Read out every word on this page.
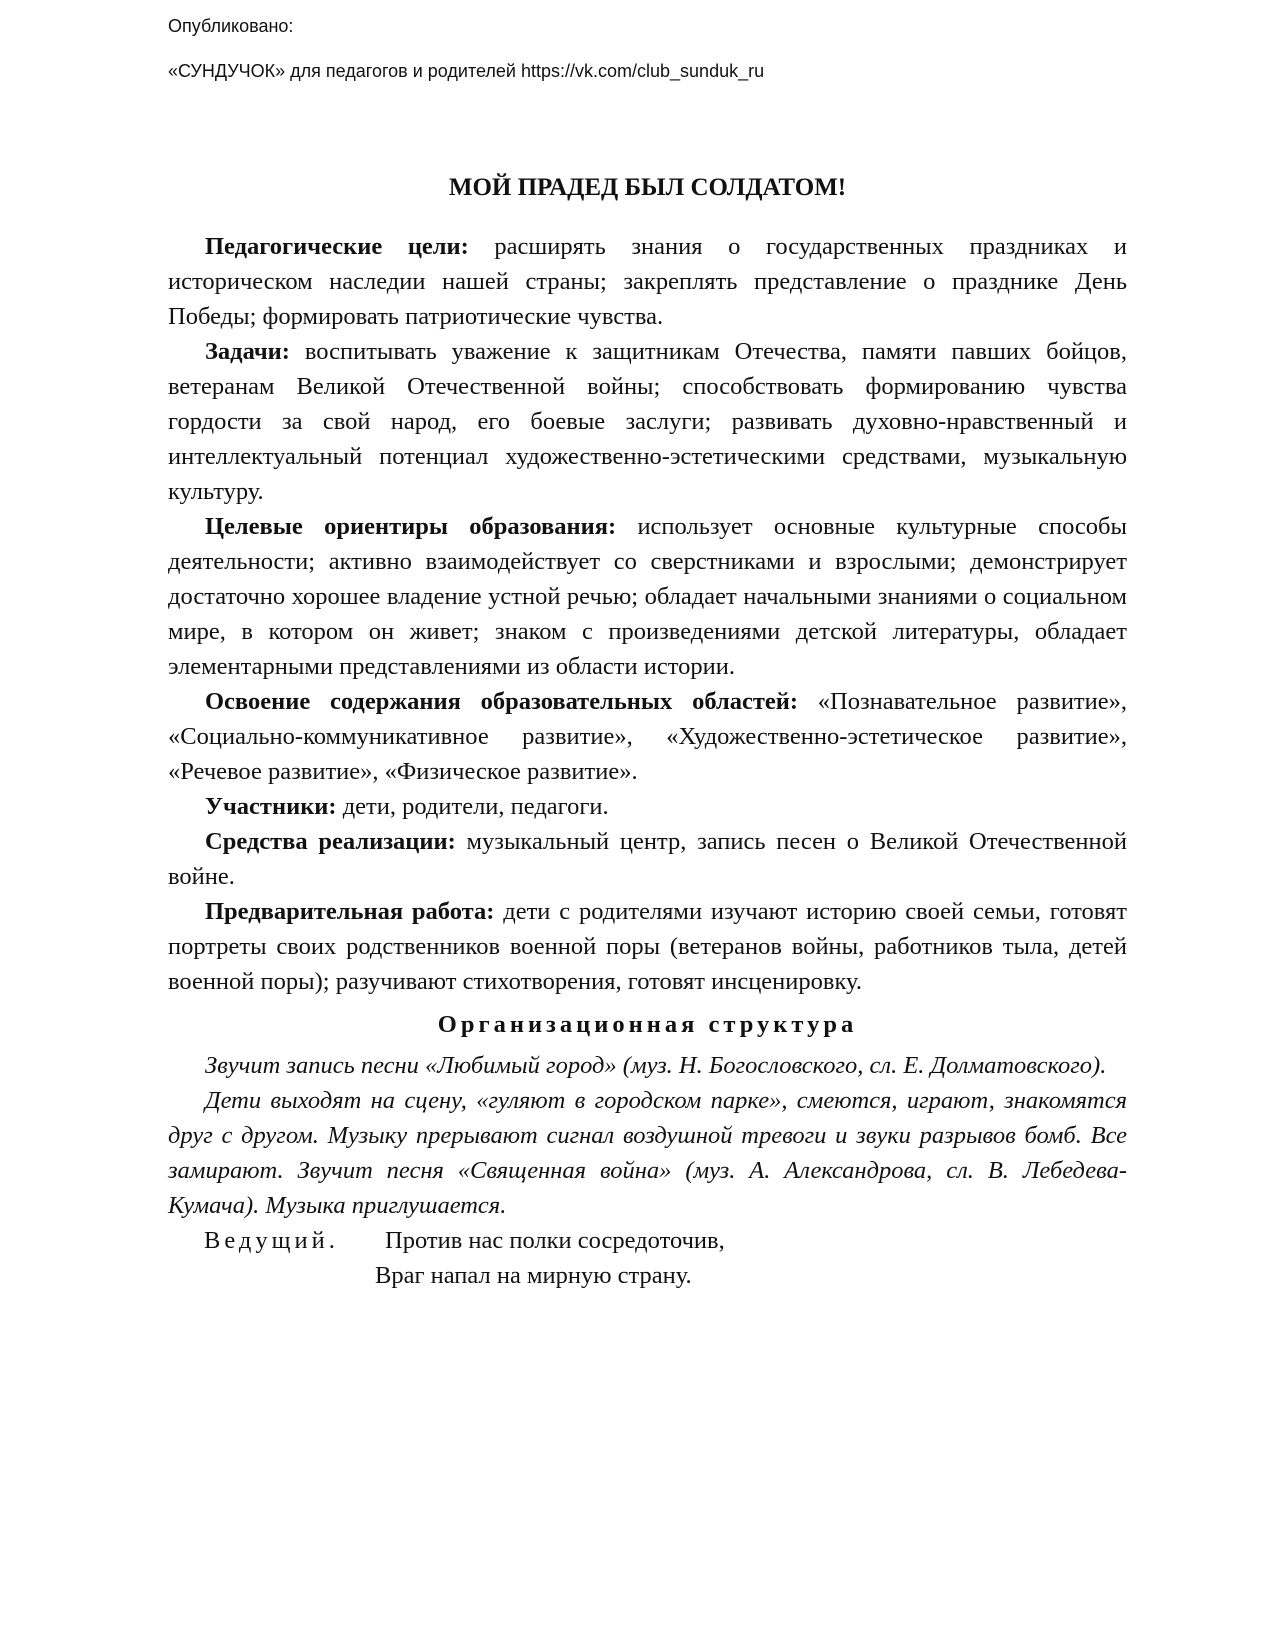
Опубликовано:
«СУНДУЧОК» для педагогов и родителей https://vk.com/club_sunduk_ru
МОЙ ПРАДЕД БЫЛ СОЛДАТОМ!

Педагогические цели: расширять знания о государственных праздниках и историческом наследии нашей страны; закреплять представление о празднике День Победы; формировать патриотические чувства.

Задачи: воспитывать уважение к защитникам Отечества, памяти павших бойцов, ветеранам Великой Отечественной войны; способствовать формированию чувства гордости за свой народ, его боевые заслуги; развивать духовно-нравственный и интеллектуальный потенциал художественно-эстетическими средствами, музыкальную культуру.

Целевые ориентиры образования: использует основные культурные способы деятельности; активно взаимодействует со сверстниками и взрослыми; демонстрирует достаточно хорошее владение устной речью; обладает начальными знаниями о социальном мире, в котором он живет; знаком с произведениями детской литературы, обладает элементарными представлениями из области истории.

Освоение содержания образовательных областей: «Познавательное развитие», «Социально-коммуникативное развитие», «Художественно-эстетическое развитие», «Речевое развитие», «Физическое развитие».

Участники: дети, родители, педагоги.

Средства реализации: музыкальный центр, запись песен о Великой Отечественной войне.

Предварительная работа: дети с родителями изучают историю своей семьи, готовят портреты своих родственников военной поры (ветеранов войны, работников тыла, детей военной поры); разучивают стихотворения, готовят инсценировку.

Организационная структура

Звучит запись песни «Любимый город» (муз. Н. Богословского, сл. Е. Долматовского).

Дети выходят на сцену, «гуляют в городском парке», смеются, играют, знакомятся друг с другом. Музыку прерывают сигнал воздушной тревоги и звуки разрывов бомб. Все замирают. Звучит песня «Священная война» (муз. А. Александрова, сл. В. Лебедева-Кумача). Музыка приглушается.

Ведущий. Против нас полки сосредоточив,
Враг напал на мирную страну.
